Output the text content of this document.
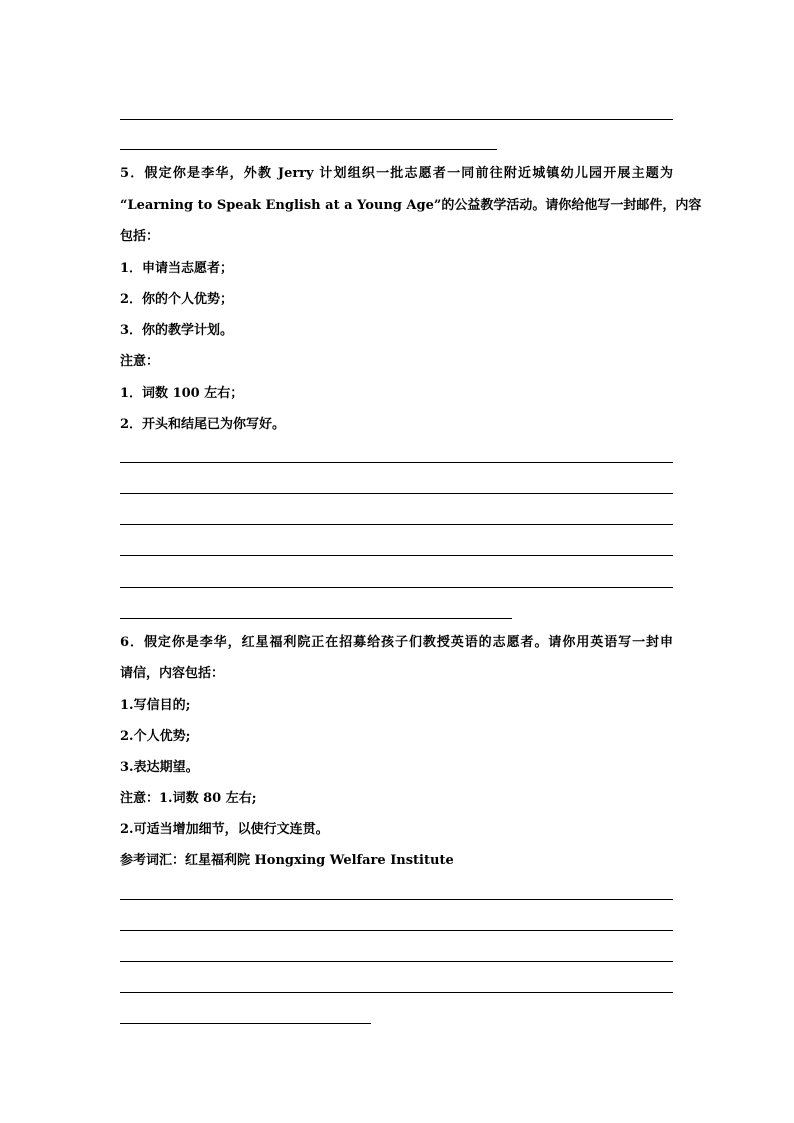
5．假定你是李华，外教 Jerry 计划组织一批志愿者一同前往附近城镇幼儿园开展主题为
“Learning to Speak English at a Young Age”的公益教学活动。请你给他写一封邮件，内容
包括：
1．申请当志愿者；
2．你的个人优势；
3．你的教学计划。
注意：
1．词数 100 左右；
2．开头和结尾已为你写好。
6．假定你是李华，红星福利院正在招募给孩子们教授英语的志愿者。请你用英语写一封申
请信，内容包括：
1.写信目的;
2.个人优势;
3.表达期望。
注意：1.词数 80 左右;
2.可适当增加细节，以使行文连贯。
参考词汇：红星福利院 Hongxing Welfare Institute
